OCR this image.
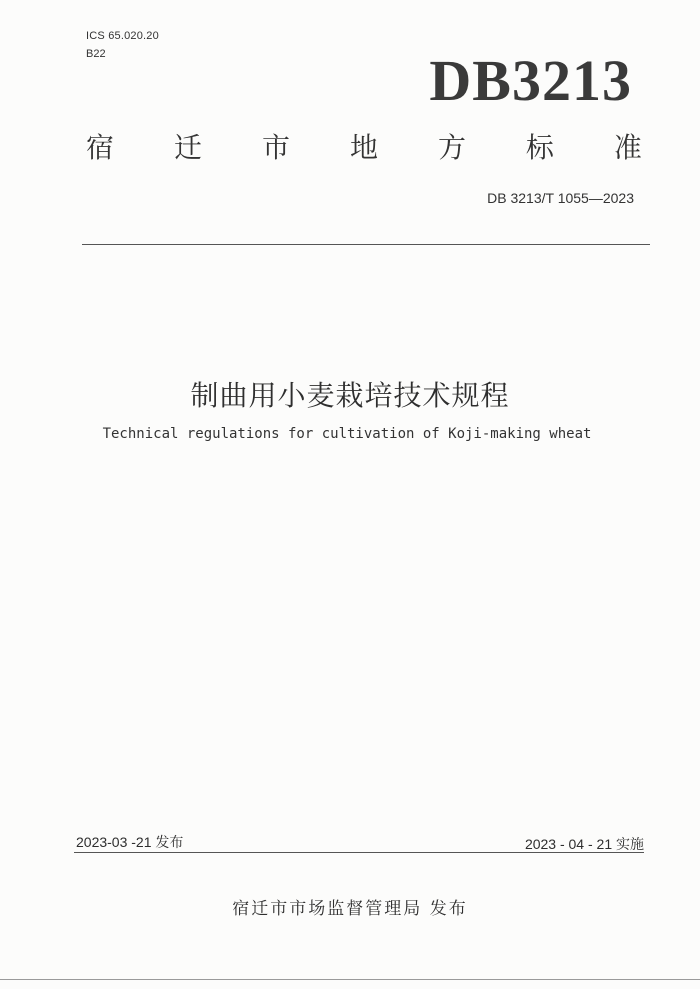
ICS 65.020.20
B22	DB3213
宿 迁 市 地 方 标 准
DB 3213/T 1055—2023
制曲用小麦栽培技术规程
Technical regulations for cultivation of Koji-making wheat
2023-03 -21 发布	2023 - 04 - 21 实施
宿迁市市场监督管理局 发布
